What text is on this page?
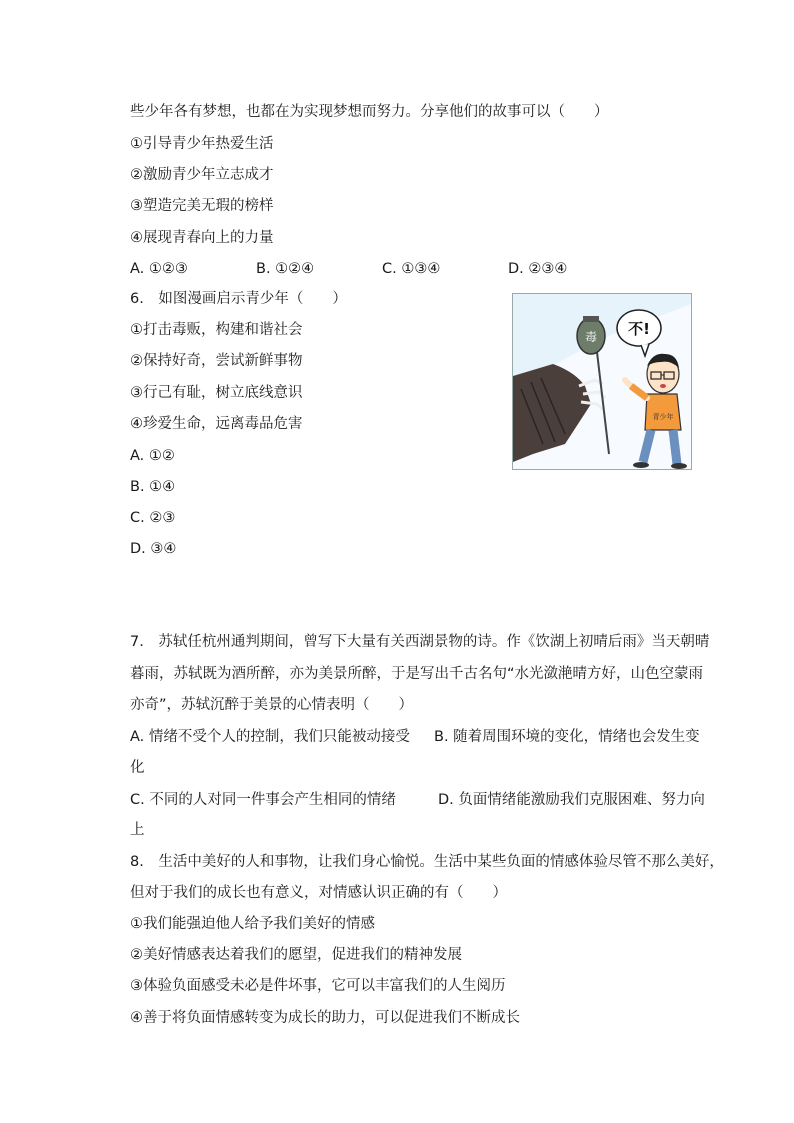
些少年各有梦想，也都在为实现梦想而努力。分享他们的故事可以（　　）
①引导青少年热爱生活
②激励青少年立志成才
③塑造完美无瑕的榜样
④展现青春向上的力量
A. ①②③	B. ①②④	C. ①③④	D. ②③④
6.　如图漫画启示青少年（　　）
①打击毒贩，构建和谐社会
②保持好奇，尝试新鲜事物
③行己有耻，树立底线意识
④珍爱生命，远离毒品危害
A. ①②
B. ①④
C. ②③
D. ③④
毒 不!
青少年
7.　苏轼任杭州通判期间，曾写下大量有关西湖景物的诗。作《饮湖上初晴后雨》当天朝晴
暮雨，苏轼既为酒所醉，亦为美景所醉，于是写出千古名句“水光潋滟晴方好，山色空蒙雨
亦奇”，苏轼沉醉于美景的心情表明（　　）
A. 情绪不受个人的控制，我们只能被动接受 B. 随着周围环境的变化，情绪也会发生变
化
C. 不同的人对同一件事会产生相同的情绪	D. 负面情绪能激励我们克服困难、努力向
上
8.　生活中美好的人和事物，让我们身心愉悦。生活中某些负面的情感体验尽管不那么美好，
但对于我们的成长也有意义，对情感认识正确的有（　　）
①我们能强迫他人给予我们美好的情感
②美好情感表达着我们的愿望，促进我们的精神发展
③体验负面感受未必是件坏事，它可以丰富我们的人生阅历
④善于将负面情感转变为成长的助力，可以促进我们不断成长
